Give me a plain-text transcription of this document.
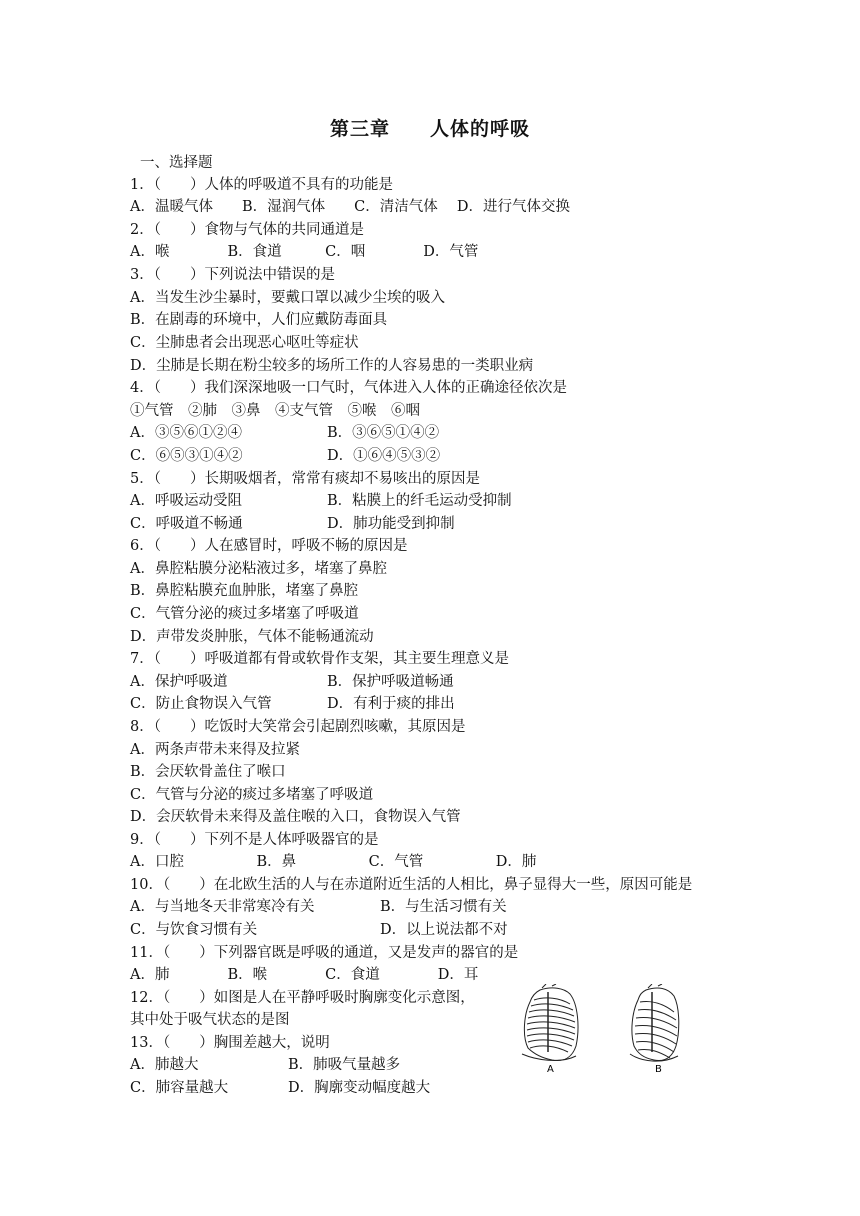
第三章　　人体的呼吸
一、选择题
1．（　　）人体的呼吸道不具有的功能是
A．温暖气体　　B．湿润气体　　C．清洁气体　 D．进行气体交换
2．（　　）食物与气体的共同通道是
A．喉　　　　B．食道　　　C．咽　　　　D．气管
3．（　　）下列说法中错误的是
A．当发生沙尘暴时，要戴口罩以减少尘埃的吸入
B．在剧毒的环境中，人们应戴防毒面具
C．尘肺患者会出现恶心呕吐等症状
D．尘肺是长期在粉尘较多的场所工作的人容易患的一类职业病
4．（　　）我们深深地吸一口气时，气体进入人体的正确途径依次是
①气管　②肺　③鼻　④支气管　⑤喉　⑥咽
A．③⑤⑥①②④	B．③⑥⑤①④②
C．⑥⑤③①④②	D．①⑥④⑤③②
5．（　　）长期吸烟者，常常有痰却不易咳出的原因是
A．呼吸运动受阻	B．粘膜上的纤毛运动受抑制
C．呼吸道不畅通	D．肺功能受到抑制
6．（　　）人在感冒时，呼吸不畅的原因是
A．鼻腔粘膜分泌粘液过多，堵塞了鼻腔
B．鼻腔粘膜充血肿胀，堵塞了鼻腔
C．气管分泌的痰过多堵塞了呼吸道
D．声带发炎肿胀，气体不能畅通流动
7．（　　）呼吸道都有骨或软骨作支架，其主要生理意义是
A．保护呼吸道	B．保护呼吸道畅通
C．防止食物误入气管	D．有利于痰的排出
8．（　　）吃饭时大笑常会引起剧烈咳嗽，其原因是
A．两条声带未来得及拉紧
B．会厌软骨盖住了喉口
C．气管与分泌的痰过多堵塞了呼吸道
D．会厌软骨未来得及盖住喉的入口，食物误入气管
9．（　　）下列不是人体呼吸器官的是
A．口腔　　　　　B．鼻　　　　　C．气管　　　　　D．肺
10．（　　）在北欧生活的人与在赤道附近生活的人相比，鼻子显得大一些，原因可能是
A．与当地冬天非常寒冷有关	B．与生活习惯有关
C．与饮食习惯有关	D．以上说法都不对
11．（　　）下列器官既是呼吸的通道，又是发声的器官的是
A．肺　　　　B．喉　　　　C．食道　　　　D．耳
12．（　　）如图是人在平静呼吸时胸廓变化示意图，
其中处于吸气状态的是图
13．（　　）胸围差越大，说明
A．肺越大	B．肺吸气量越多
C．肺容量越大	D．胸廓变动幅度越大
A	B
